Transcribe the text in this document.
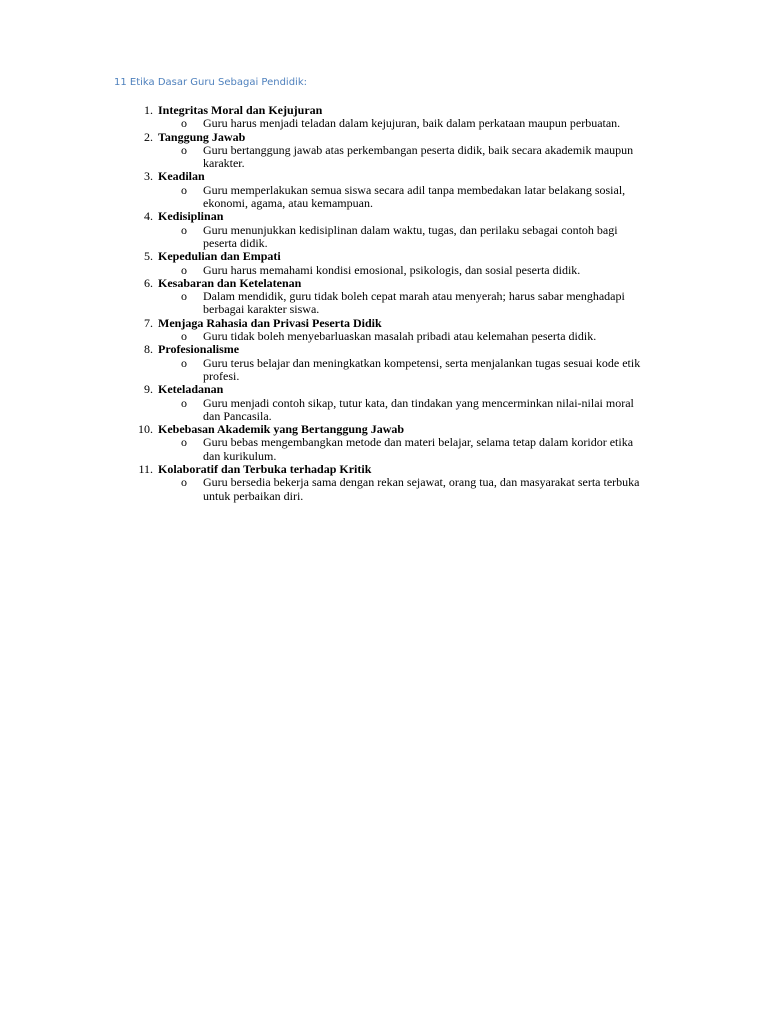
11 Etika Dasar Guru Sebagai Pendidik:
1. Integritas Moral dan Kejujuran
o Guru harus menjadi teladan dalam kejujuran, baik dalam perkataan maupun perbuatan.
2. Tanggung Jawab
o Guru bertanggung jawab atas perkembangan peserta didik, baik secara akademik maupun karakter.
3. Keadilan
o Guru memperlakukan semua siswa secara adil tanpa membedakan latar belakang sosial, ekonomi, agama, atau kemampuan.
4. Kedisiplinan
o Guru menunjukkan kedisiplinan dalam waktu, tugas, dan perilaku sebagai contoh bagi peserta didik.
5. Kepedulian dan Empati
o Guru harus memahami kondisi emosional, psikologis, dan sosial peserta didik.
6. Kesabaran dan Ketelatenan
o Dalam mendidik, guru tidak boleh cepat marah atau menyerah; harus sabar menghadapi berbagai karakter siswa.
7. Menjaga Rahasia dan Privasi Peserta Didik
o Guru tidak boleh menyebarluaskan masalah pribadi atau kelemahan peserta didik.
8. Profesionalisme
o Guru terus belajar dan meningkatkan kompetensi, serta menjalankan tugas sesuai kode etik profesi.
9. Keteladanan
o Guru menjadi contoh sikap, tutur kata, dan tindakan yang mencerminkan nilai-nilai moral dan Pancasila.
10. Kebebasan Akademik yang Bertanggung Jawab
o Guru bebas mengembangkan metode dan materi belajar, selama tetap dalam koridor etika dan kurikulum.
11. Kolaboratif dan Terbuka terhadap Kritik
o Guru bersedia bekerja sama dengan rekan sejawat, orang tua, dan masyarakat serta terbuka untuk perbaikan diri.
